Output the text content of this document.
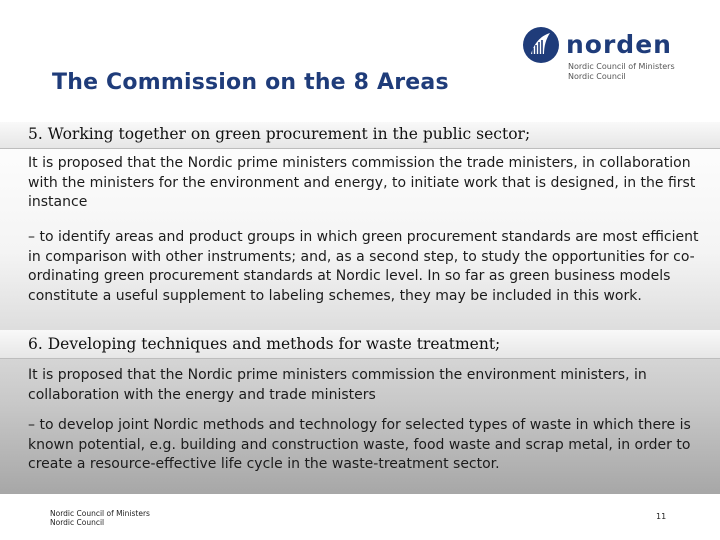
The Commission on the 8 Areas
norden
Nordic Council of Ministers
Nordic Council
5. Working together on green procurement in the public sector;
It is proposed that the Nordic prime ministers commission the trade ministers, in collaboration with the ministers for the environment and energy, to initiate work that is designed, in the first instance
– to identify areas and product groups in which green procurement standards are most efficient in comparison with other instruments; and, as a second step, to study the opportunities for co-ordinating green procurement standards at Nordic level. In so far as green business models constitute a useful supplement to labeling schemes, they may be included in this work.
6. Developing techniques and methods for waste treatment;
It is proposed that the Nordic prime ministers commission the environment ministers, in collaboration with the energy and trade ministers
– to develop joint Nordic methods and technology for selected types of waste in which there is known potential, e.g. building and construction waste, food waste and scrap metal, in order to create a resource-effective life cycle in the waste-treatment sector.
Nordic Council of Ministers
Nordic Council
11
